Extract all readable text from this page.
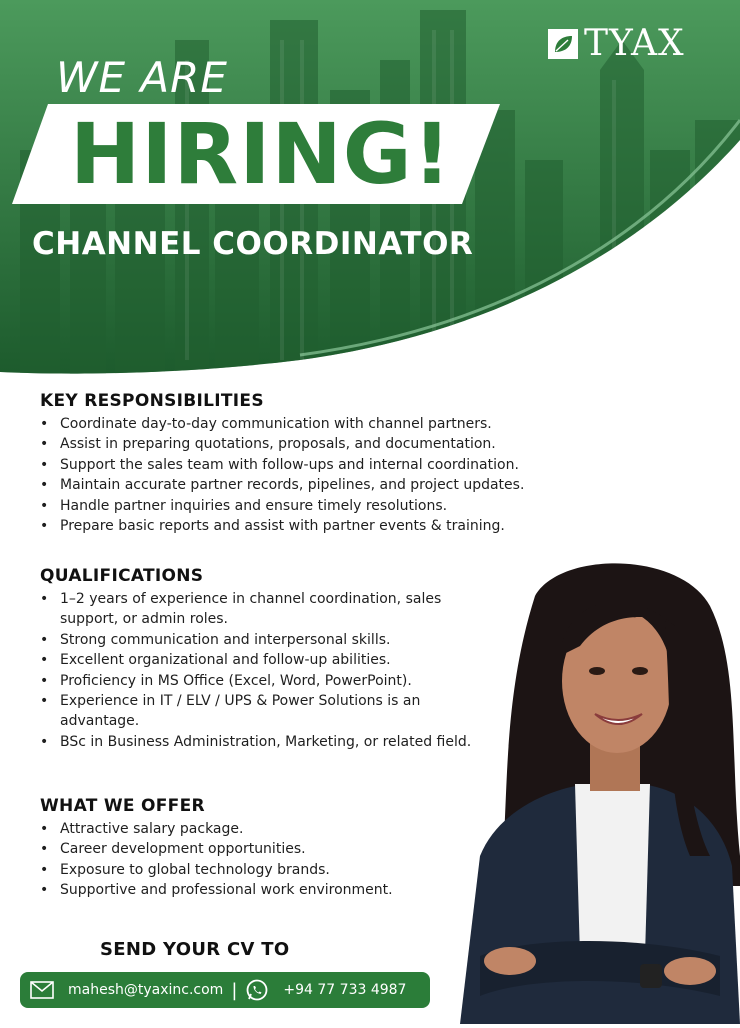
TYAX
WE ARE
HIRING!
CHANNEL COORDINATOR
KEY RESPONSIBILITIES
• Coordinate day-to-day communication with channel partners.
• Assist in preparing quotations, proposals, and documentation.
• Support the sales team with follow-ups and internal coordination.
• Maintain accurate partner records, pipelines, and project updates.
• Handle partner inquiries and ensure timely resolutions.
• Prepare basic reports and assist with partner events & training.
QUALIFICATIONS
• 1–2 years of experience in channel coordination, sales support, or admin roles.
• Strong communication and interpersonal skills.
• Excellent organizational and follow-up abilities.
• Proficiency in MS Office (Excel, Word, PowerPoint).
• Experience in IT / ELV / UPS & Power Solutions is an advantage.
• BSc in Business Administration, Marketing, or related field.
WHAT WE OFFER
• Attractive salary package.
• Career development opportunities.
• Exposure to global technology brands.
• Supportive and professional work environment.
SEND YOUR CV TO
mahesh@tyaxinc.com |	+94 77 733 4987
